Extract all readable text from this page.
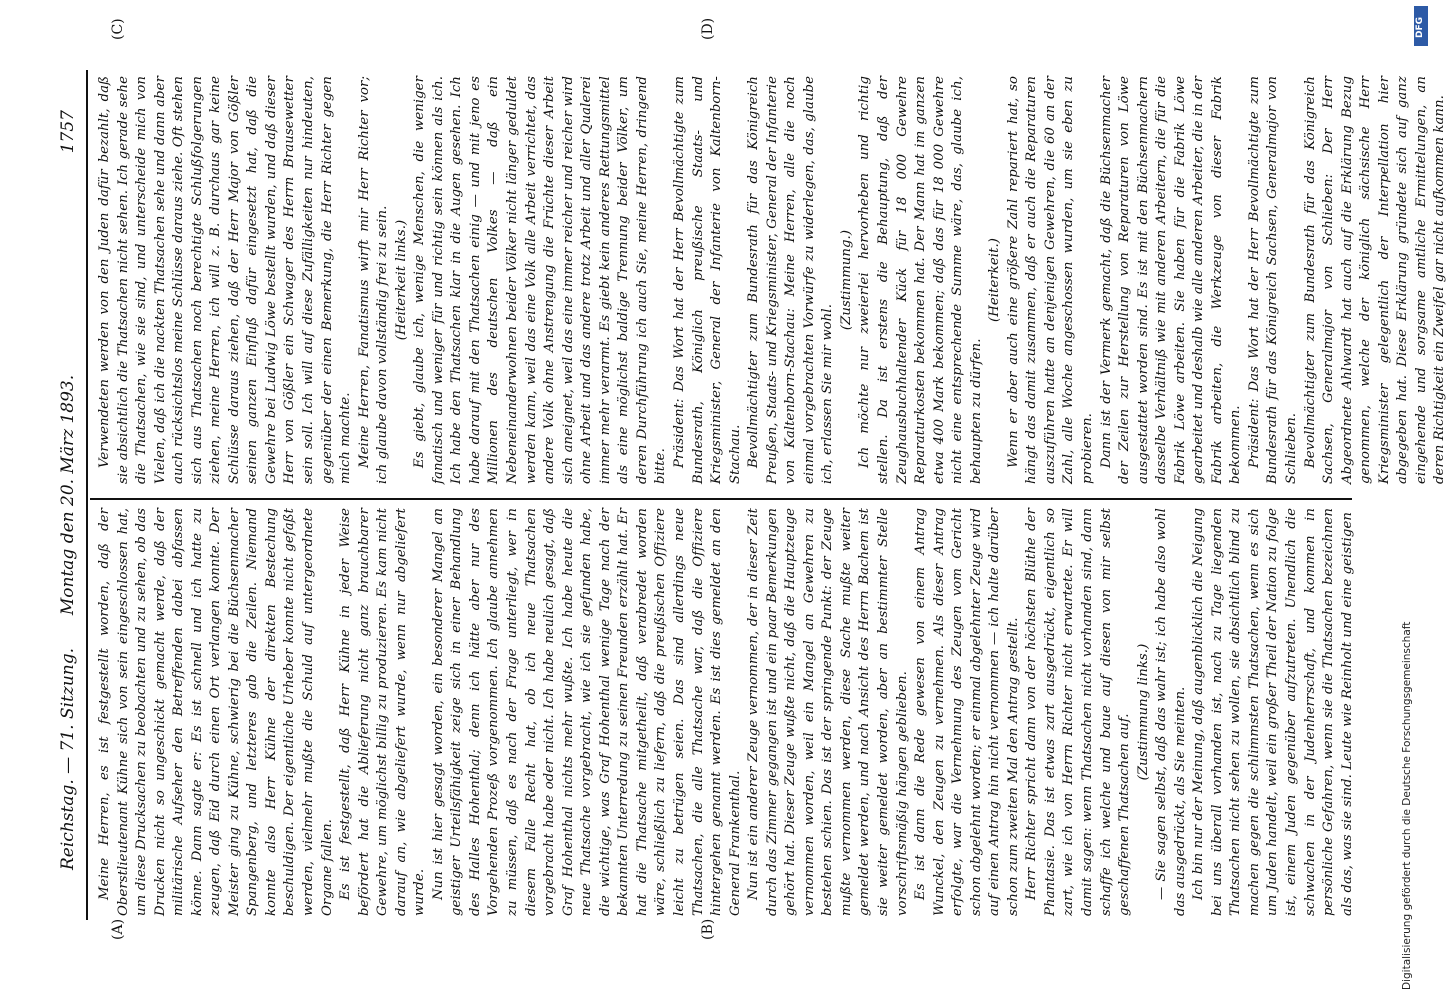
Reichstag. — 71. Sitzung.
Montag den 20. März 1893.
1757
(A)	(B)
(C)	(D)

Meine Herren, es ist festgestellt worden, daß der Oberstlieutenant Kühne sich von sein eingeschlossen hat, um diese Drucksachen zu beobachten und zu sehen, ob das Drucken nicht so ungeschickt gemacht werde, daß der militärische Aufseher den Betreffenden dabei abfassen könne. Dann sagte er: Es ist schnell und ich hatte zu zeugen, daß Eid durch einen Ort verlangen konnte. Der Meister ging zu Kühne, schwierig bei die Büchsenmacher Spangenberg, und letzteres gab die Zeilen. Niemand konnte also Herr Kühne der direkten Bestechung beschuldigen. Der eigentliche Urheber konnte nicht gefaßt werden, vielmehr mußte die Schuld auf untergeordnete Organe fallen. Es ist festgestellt, daß Herr Kühne in jeder Weise befördert hat die Ablieferung nicht ganz brauchbarer Gewehre, um möglichst billig zu produzieren. Es kam nicht darauf an, wie abgeliefert wurde, wenn nur abgeliefert wurde. Nun ist hier gesagt worden, ein besonderer Mangel an geistiger Urteilsfähigkeit zeige sich in einer Behandlung des Halles Hohenthal; denn ich hätte aber nur des Vorgehenden Prozeß vorgenommen. Ich glaube annehmen zu müssen, daß es nach der Frage unterliegt, wer in diesem Falle Recht hat, ob ich neue Thatsachen vorgebracht habe oder nicht. Ich habe neulich gesagt, daß Graf Hohenthal nichts mehr wußte. Ich habe heute die neue Thatsache vorgebracht, wie ich sie gefunden habe, die wichtige, was Graf Hohenthal wenige Tage nach der bekannten Unterredung zu seinen Freunden erzählt hat. Er hat die Thatsache mitgetheilt, daß verabredet worden wäre, schließlich zu liefern, daß die preußischen Offiziere leicht zu betrügen seien. Das sind allerdings neue Thatsachen, die alle Thatsache war, daß die Offiziere hintergehen genannt werden. Es ist dies gemeldet an den General Frankenthal. Nun ist ein anderer Zeuge vernommen, der in dieser Zeit durch das Zimmer gegangen ist und ein paar Bemerkungen gehört hat. Dieser Zeuge wußte nicht, daß die Hauptzeuge vernommen worden, weil ein Mangel an Gewehren zu bestehen schien. Das ist der springende Punkt: der Zeuge mußte vernommen werden, diese Sache mußte weiter gemeldet werden, und nach Ansicht des Herrn Bachem ist sie weiter gemeldet worden, aber an bestimmter Stelle vorschriftsmäßig hängen geblieben. Es ist dann die Rede gewesen von einem Antrag Wunckel, den Zeugen zu vernehmen. Als dieser Antrag erfolgte, war die Vernehmung des Zeugen vom Gericht schon abgelehnt worden; er einmal abgelehnter Zeuge wird auf einen Antrag hin nicht vernommen — ich halte darüber schon zum zweiten Mal den Antrag gestellt. Herr Richter spricht dann von der höchsten Blüthe der Phantasie. Das ist etwas zart ausgedrückt, eigentlich so zart, wie ich von Herrn Richter nicht erwartete. Er will damit sagen: wenn Thatsachen nicht vorhanden sind, dann schaffe ich welche und baue auf diesen von mir selbst geschaffenen Thatsachen auf.

(Zustimmung links.) — Sie sagen selbst, daß das wahr ist; ich habe also wohl das ausgedrückt, als Sie meinten. Ich bin nur der Meinung, daß augenblicklich die Neigung bei uns überall vorhanden ist, nach zu Tage liegenden Thatsachen nicht sehen zu wollen, sie absichtlich blind zu machen gegen die schlimmsten Thatsachen, wenn es sich um Juden handelt, weil ein großer Theil der Nation zu folge ist, einem Juden gegenüber aufzutreten. Unendlich die schwachen in der Judenherrschaft, und kommen in persönliche Gefahren, wenn sie die Thatsachen bezeichnen als das, was sie sind. Leute wie Reinholt und eine geistigen

Verwendeten werden von den Juden dafür bezahlt, daß sie absichtlich die Thatsachen nicht sehen. Ich gerade sehe die Thatsachen, wie sie sind, und unterscheide mich von Vielen, daß ich die nackten Thatsachen sehe und dann aber auch rücksichtslos meine Schlüsse daraus ziehe. Oft stehen sich aus Thatsachen noch berechtigte Schlußfolgerungen ziehen, meine Herren, ich will z. B. durchaus gar keine Schlüsse daraus ziehen, daß der Herr Major von Gößler seinen ganzen Einfluß dafür eingesetzt hat, daß die Gewehre bei Ludwig Löwe bestellt wurden, und daß dieser Herr von Gößler ein Schwager des Herrn Brausewetter sein soll. Ich will auf diese Zufälligkeiten nur hindeuten, gegenüber der einen Bemerkung, die Herr Richter gegen mich machte. Meine Herren, Fanatismus wirft mir Herr Richter vor; ich glaube davon vollständig frei zu sein. (Heiterkeit links.) Es giebt, glaube ich, wenige Menschen, die weniger fanatisch und weniger für und richtig sein können als ich. Ich habe den Thatsachen klar in die Augen gesehen. Ich habe darauf mit den Thatsachen einig — und mit jeno es Millionen des deutschen Volkes — daß ein Nebeneinanderwohnen beider Völker nicht länger geduldet werden kann, weil das eine Volk alle Arbeit verrichtet, das andere Volk ohne Anstrengung die Früchte dieser Arbeit sich aneignet, weil das eine immer reicher und reicher wird ohne Arbeit und das andere trotz Arbeit und aller Qualerei immer mehr verarmt. Es giebt kein anderes Rettungsmittel als eine möglichst baldige Trennung beider Völker, um deren Durchführung ich auch Sie, meine Herren, dringend bitte. Präsident: Das Wort hat der Herr Bevollmächtigte zum Bundesrath, Königlich preußische Staats- und Kriegsminister, General der Infanterie von Kaltenborn-Stachau. Bevollmächtigter zum Bundesrath für das Königreich Preußen, Staats- und Kriegsminister, General der Infanterie von Kaltenborn-Stachau: Meine Herren, alle die noch einmal vorgebrachten Vorwürfe zu widerlegen, das, glaube ich, erlassen Sie mir wohl.

(Zustimmung.) Ich möchte nur zweierlei hervorheben und richtig stellen. Da ist erstens die Behauptung, daß der Zeughausbuchhaltender Kück für 18 000 Gewehre Reparaturkosten bekommen hat. Der Mann hat im ganzen etwa 400 Mark bekommen; daß das für 18 000 Gewehre nicht eine entsprechende Summe wäre, das, glaube ich, behaupten zu dürfen.

(Heiterkeit.) Wenn er aber auch eine größere Zahl repariert hat, so hängt das damit zusammen, daß er auch die Reparaturen auszuführen hatte an denjenigen Gewehren, die 60 an der Zahl, alle Woche angeschossen wurden, um sie eben zu probieren. Dann ist der Vermerk gemacht, daß die Büchsenmacher der Zeilen zur Herstellung von Reparaturen von Löwe ausgestattet worden sind. Es ist mit den Büchsenmachern dasselbe Verhältniß wie mit anderen Arbeitern, die für die Fabrik Löwe arbeiten. Sie haben für die Fabrik Löwe gearbeitet und deshalb wie alle anderen Arbeiter, die in der Fabrik arbeiten, die Werkzeuge von dieser Fabrik bekommen. Präsident: Das Wort hat der Herr Bevollmächtigte zum Bundesrath für das Königreich Sachsen, Generalmajor von Schlieben. Bevollmächtigter zum Bundesrath für das Königreich Sachsen, Generalmajor von Schlieben: Der Herr Abgeordnete Ahlwardt hat auch auf die Erklärung Bezug genommen, welche der königlich sächsische Herr Kriegsminister gelegentlich der Interpellation hier abgegeben hat. Diese Erklärung gründete sich auf ganz eingehende und sorgsame amtliche Ermittelungen, an deren Richtigkeit ein Zweifel gar nicht aufkommen kann.

DFG
Digitalisierung gefördert durch die Deutsche Forschungsgemeinschaft
